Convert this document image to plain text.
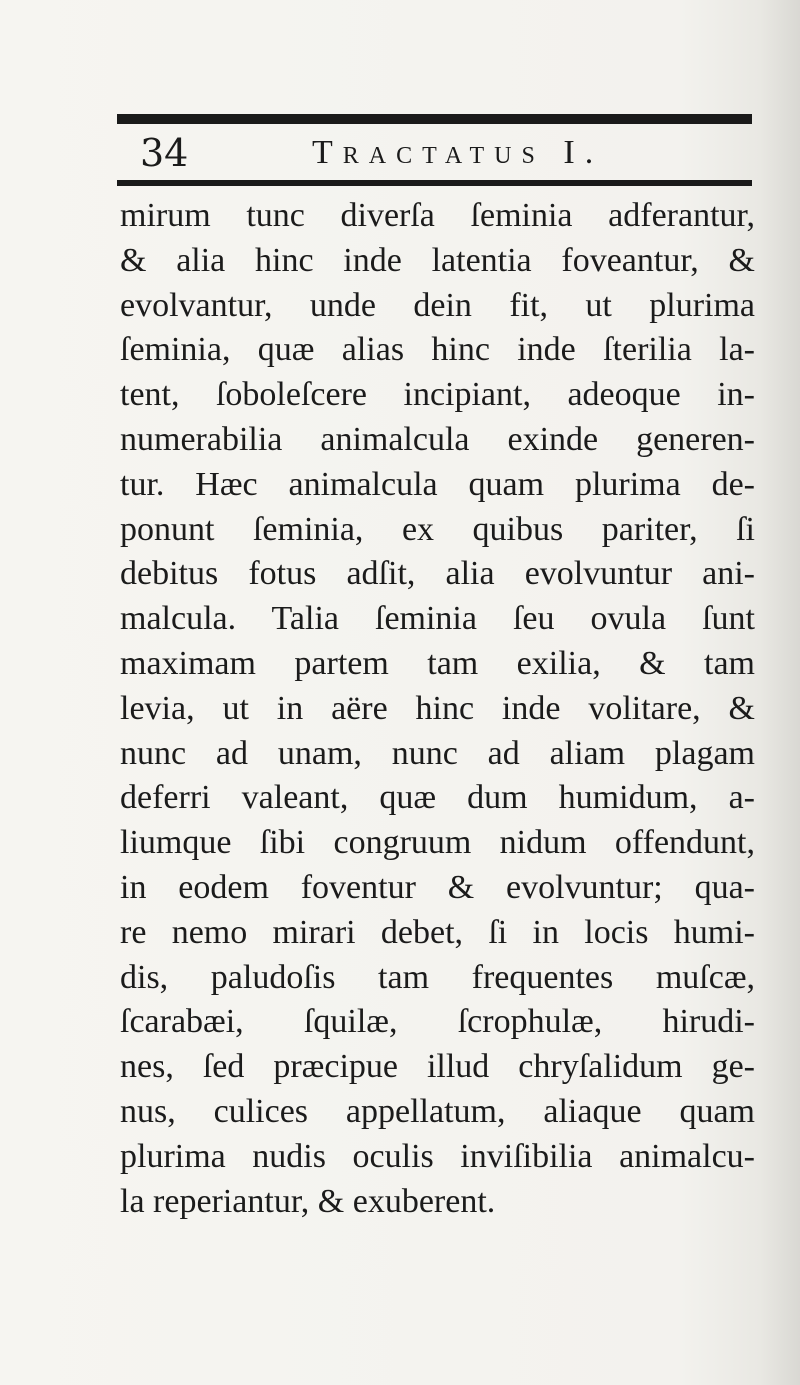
34	Tractatus I.
mirum tunc diverſa ſeminia adferantur,
& alia hinc inde latentia foveantur, &
evolvantur, unde dein fit, ut plurima
ſeminia, quæ alias hinc inde ſterilia la-
tent, ſoboleſcere incipiant, adeoque in-
numerabilia animalcula exinde generen-
tur. Hæc animalcula quam plurima de-
ponunt ſeminia, ex quibus pariter, ſi
debitus fotus adſit, alia evolvuntur ani-
malcula. Talia ſeminia ſeu ovula ſunt
maximam partem tam exilia, & tam
levia, ut in aëre hinc inde volitare, &
nunc ad unam, nunc ad aliam plagam
deferri valeant, quæ dum humidum, a-
liumque ſibi congruum nidum offendunt,
in eodem foventur & evolvuntur; qua-
re nemo mirari debet, ſi in locis humi-
dis, paludoſis tam frequentes muſcæ,
ſcarabæi, ſquilæ, ſcrophulæ, hirudi-
nes, ſed præcipue illud chryſalidum ge-
nus, culices appellatum, aliaque quam
plurima nudis oculis inviſibilia animalcu-
la reperiantur, & exuberent.
